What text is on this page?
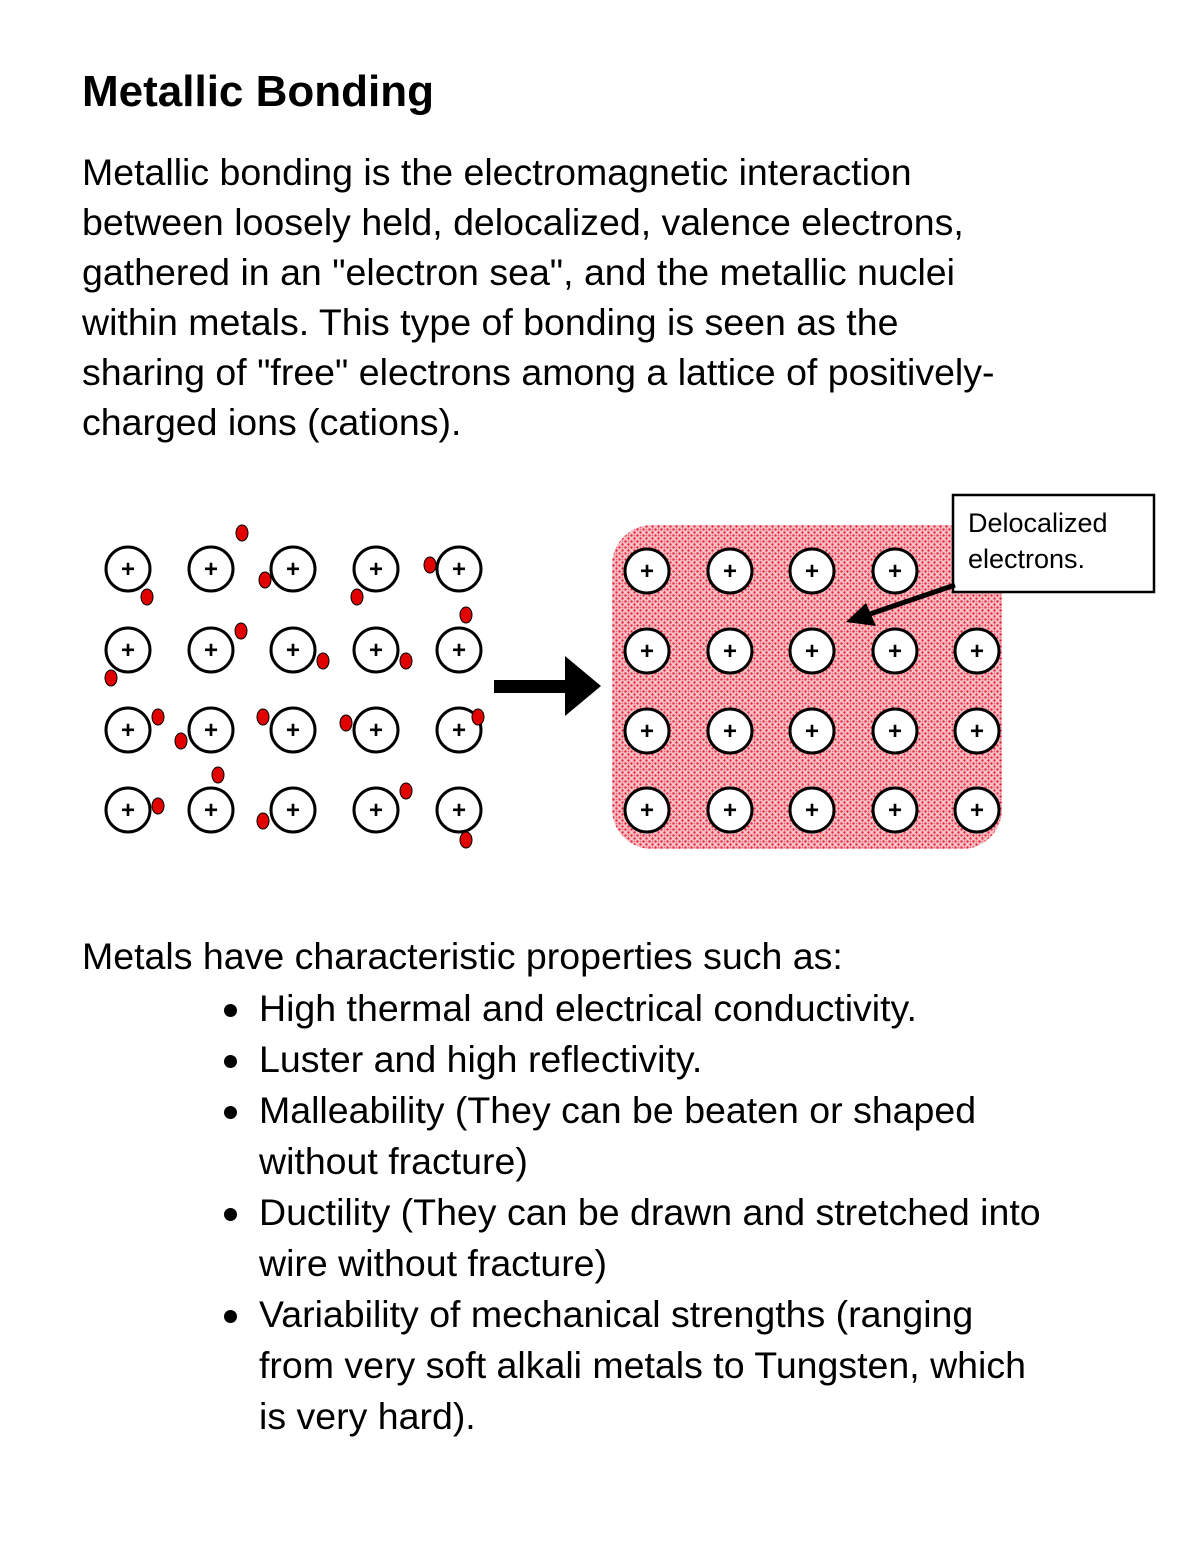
Metallic Bonding

Metallic bonding is the electromagnetic interaction
between loosely held, delocalized, valence electrons,
gathered in an "electron sea", and the metallic nuclei
within metals. This type of bonding is seen as the
sharing of "free" electrons among a lattice of positively-
charged ions (cations).

+	+	+	+	+
+	+	+	+	+
+	+	+	+	+
+	+	+	+	+
+	+	+	+
+	+	+	+	+
+	+	+	+	+
+	+	+	+	+
Delocalized
electrons.

Metals have characteristic properties such as:

High thermal and electrical conductivity.
Luster and high reflectivity.
Malleability (They can be beaten or shaped
without fracture)
Ductility (They can be drawn and stretched into
wire without fracture)
Variability of mechanical strengths (ranging
from very soft alkali metals to Tungsten, which
is very hard).
